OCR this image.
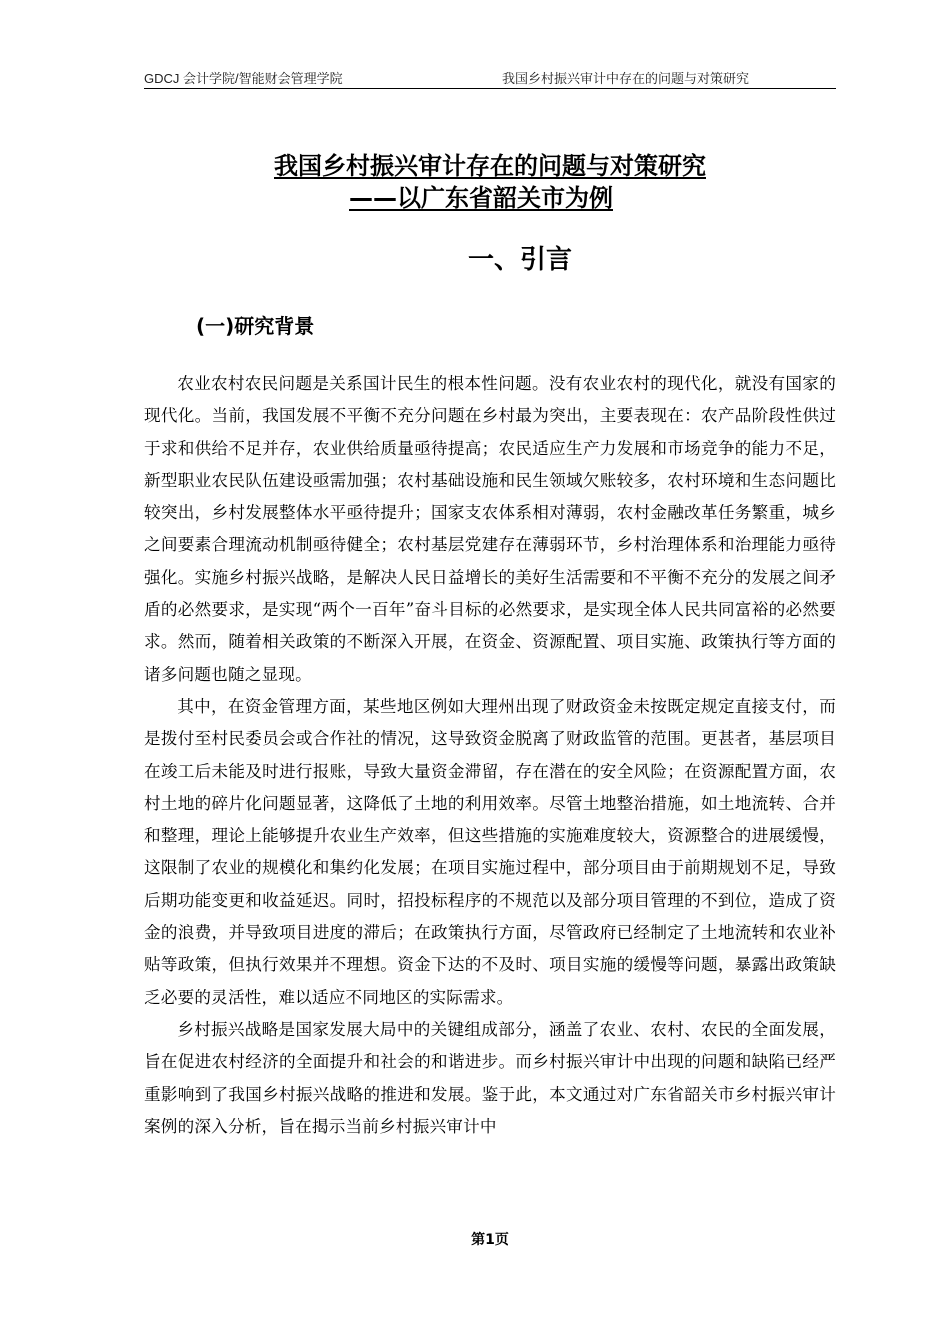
GDCJ 会计学院/智能财会管理学院	我国乡村振兴审计中存在的问题与对策研究
我国乡村振兴审计存在的问题与对策研究
——以广东省韶关市为例
一、引言
(一)研究背景

农业农村农民问题是关系国计民生的根本性问题。没有农业农村的现代化，就没有国家的现代化。当前，我国发展不平衡不充分问题在乡村最为突出，主要表现在：农产品阶段性供过于求和供给不足并存，农业供给质量亟待提高；农民适应生产力发展和市场竞争的能力不足，新型职业农民队伍建设亟需加强；农村基础设施和民生领域欠账较多，农村环境和生态问题比较突出，乡村发展整体水平亟待提升；国家支农体系相对薄弱，农村金融改革任务繁重，城乡之间要素合理流动机制亟待健全；农村基层党建存在薄弱环节，乡村治理体系和治理能力亟待强化。实施乡村振兴战略，是解决人民日益增长的美好生活需要和不平衡不充分的发展之间矛盾的必然要求，是实现“两个一百年”奋斗目标的必然要求，是实现全体人民共同富裕的必然要求。然而，随着相关政策的不断深入开展，在资金、资源配置、项目实施、政策执行等方面的诸多问题也随之显现。

其中，在资金管理方面，某些地区例如大理州出现了财政资金未按既定规定直接支付，而是拨付至村民委员会或合作社的情况，这导致资金脱离了财政监管的范围。更甚者，基层项目在竣工后未能及时进行报账，导致大量资金滞留，存在潜在的安全风险；在资源配置方面，农村土地的碎片化问题显著，这降低了土地的利用效率。尽管土地整治措施，如土地流转、合并和整理，理论上能够提升农业生产效率，但这些措施的实施难度较大，资源整合的进展缓慢，这限制了农业的规模化和集约化发展；在项目实施过程中，部分项目由于前期规划不足，导致后期功能变更和收益延迟。同时，招投标程序的不规范以及部分项目管理的不到位，造成了资金的浪费，并导致项目进度的滞后；在政策执行方面，尽管政府已经制定了土地流转和农业补贴等政策，但执行效果并不理想。资金下达的不及时、项目实施的缓慢等问题，暴露出政策缺乏必要的灵活性，难以适应不同地区的实际需求。

乡村振兴战略是国家发展大局中的关键组成部分，涵盖了农业、农村、农民的全面发展，旨在促进农村经济的全面提升和社会的和谐进步。而乡村振兴审计中出现的问题和缺陷已经严重影响到了我国乡村振兴战略的推进和发展。鉴于此，本文通过对广东省韶关市乡村振兴审计案例的深入分析，旨在揭示当前乡村振兴审计中

第1页
